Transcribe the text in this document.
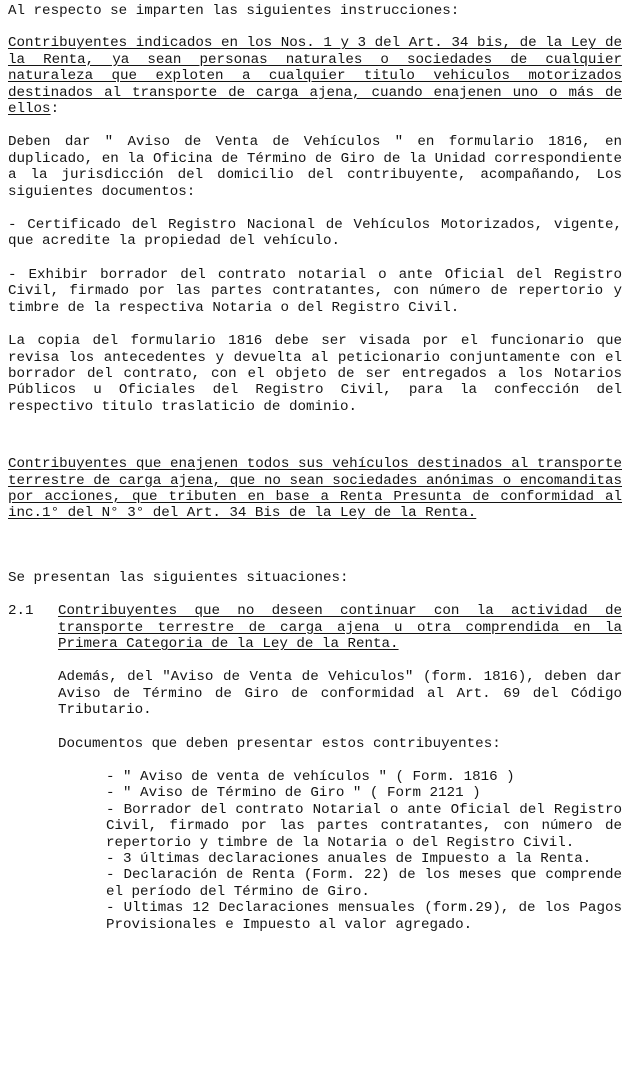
Al respecto se imparten las siguientes instrucciones:

Contribuyentes indicados en los Nos. 1 y 3 del Art. 34 bis, de la Ley de la Renta, ya sean personas naturales o sociedades de cualquier naturaleza que exploten a cualquier titulo vehiculos motorizados destinados al transporte de carga ajena, cuando enajenen uno o más de ellos:

Deben dar " Aviso de Venta de Vehículos " en formulario 1816, en duplicado, en la Oficina de Término de Giro de la Unidad correspondiente a la jurisdicción del domicilio del contribuyente, acompañando, Los siguientes documentos:

- Certificado del Registro Nacional de Vehículos Motorizados, vigente, que acredite la propiedad del vehículo.

- Exhibir borrador del contrato notarial o ante Oficial del Registro Civil, firmado por las partes contratantes, con número de repertorio y timbre de la respectiva Notaria o del Registro Civil.

La copia del formulario 1816 debe ser visada por el funcionario que revisa los antecedentes y devuelta al peticionario conjuntamente con el borrador del contrato, con el objeto de ser entregados a los Notarios Públicos u Oficiales del Registro Civil, para la confección del respectivo titulo traslaticio de dominio.

Contribuyentes que enajenen todos sus vehículos destinados al transporte terrestre de carga ajena, que no sean sociedades anónimas o encomanditas por acciones, que tributen en base a Renta Presunta de conformidad al inc.1° del N° 3° del Art. 34 Bis de la Ley de la Renta.

Se presentan las siguientes situaciones:

2.1 Contribuyentes que no deseen continuar con la actividad de transporte terrestre de carga ajena u otra comprendida en la Primera Categoria de la Ley de la Renta.

Además, del "Aviso de Venta de Vehiculos" (form. 1816), deben dar Aviso de Término de Giro de conformidad al Art. 69 del Código Tributario.

Documentos que deben presentar estos contribuyentes:

- " Aviso de venta de vehículos " ( Form. 1816 )

- " Aviso de Término de Giro " ( Form 2121 )

- Borrador del contrato Notarial o ante Oficial del Registro Civil, firmado por las partes contratantes, con número de repertorio y timbre de la Notaria o del Registro Civil.

- 3 últimas declaraciones anuales de Impuesto a la Renta.

- Declaración de Renta (Form. 22) de los meses que comprende el período del Término de Giro.

- Ultimas 12 Declaraciones mensuales (form.29), de los Pagos Provisionales e Impuesto al valor agregado.
